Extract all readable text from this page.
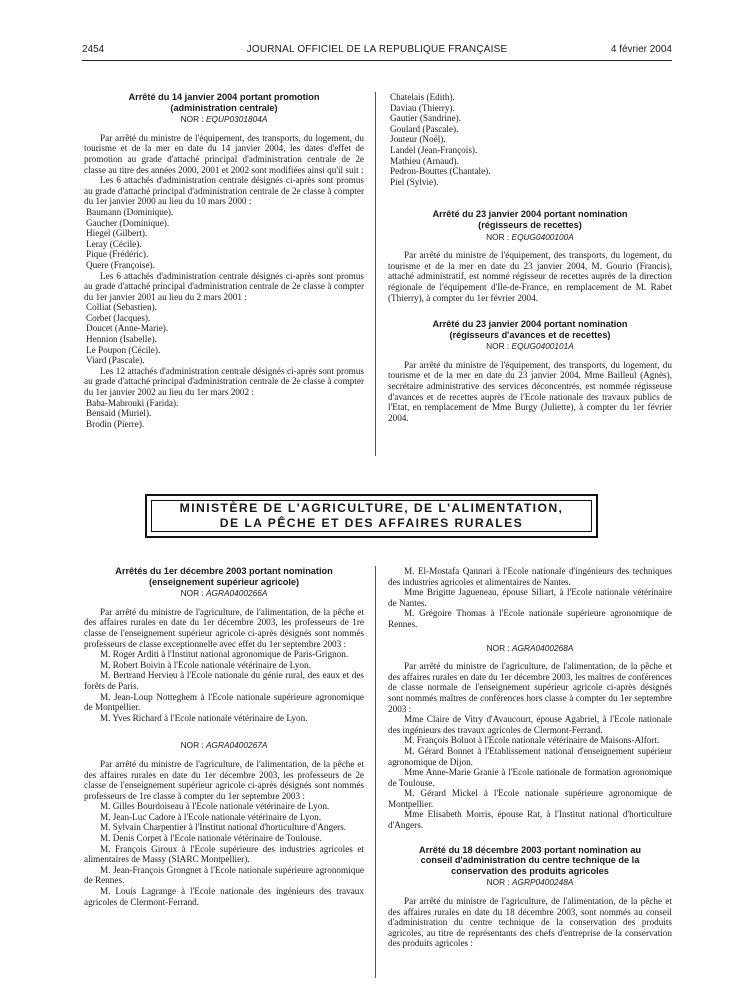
2454	JOURNAL OFFICIEL DE LA REPUBLIQUE FRANÇAISE	4 février 2004

Arrêté du 14 janvier 2004 portant promotion

(administration centrale)

NOR : EQUP0301804A

Par arrêté du ministre de l'équipement, des transports, du logement, du tourisme et de la mer en date du 14 janvier 2004, les dates d'effet de promotion au grade d'attaché principal d'administration centrale de 2e classe au titre des années 2000, 2001 et 2002 sont modifiées ainsi qu'il suit :

Les 6 attachés d'administration centrale désignés ci-après sont promus au grade d'attaché principal d'administration centrale de 2e classe à compter du 1er janvier 2000 au lieu du 10 mars 2000 :

Baumann (Dominique).

Gaucher (Dominique).

Hiegel (Gilbert).

Leray (Cécile).

Pique (Frédéric).

Quere (Françoise).

Les 6 attachés d'administration centrale désignés ci-après sont promus au grade d'attaché principal d'administration centrale de 2e classe à compter du 1er janvier 2001 au lieu du 2 mars 2001 :

Colliat (Sebastien).

Corbet (Jacques).

Doucet (Anne-Marie).

Hennion (Isabelle).

Le Poupon (Cécile).

Viard (Pascale).

Les 12 attachés d'administration centrale désignés ci-après sont promus au grade d'attaché principal d'administration centrale de 2e classe à compter du 1er janvier 2002 au lieu du 1er mars 2002 :

Baba-Mabrouki (Farida).

Bensaid (Muriel).

Brodin (Pierre).

Chatelais (Edith).

Daviau (Thierry).

Gautier (Sandrine).

Goulard (Pascale).

Jouteur (Noël).

Landel (Jean-François).

Mathieu (Arnaud).

Pedron-Bouttes (Chantale).

Piel (Sylvie).

Arrêté du 23 janvier 2004 portant nomination

(régisseurs de recettes)

NOR : EQUG0400100A

Par arrêté du ministre de l'équipement, des transports, du logement, du tourisme et de la mer en date du 23 janvier 2004, M. Gourio (Francis), attaché administratif, est nommé régisseur de recettes auprès de la direction régionale de l'équipement d'Ile-de-France, en remplacement de M. Rabet (Thierry), à compter du 1er février 2004.

Arrêté du 23 janvier 2004 portant nomination

(régisseurs d'avances et de recettes)

NOR : EQUG0400101A

Par arrêté du ministre de l'équipement, des transports, du logement, du tourisme et de la mer en date du 23 janvier 2004, Mme Bailleul (Agnès), secrétaire administrative des services déconcentrés, est nommée régisseuse d'avances et de recettes auprès de l'Ecole nationale des travaux publics de l'Etat, en remplacement de Mme Burgy (Juliette), à compter du 1er février 2004.

MINISTÈRE DE L'AGRICULTURE, DE L'ALIMENTATION,
DE LA PÊCHE ET DES AFFAIRES RURALES

Arrêtés du 1er décembre 2003 portant nomination

(enseignement supérieur agricole)

NOR : AGRA0400266A

Par arrêté du ministre de l'agriculture, de l'alimentation, de la pêche et des affaires rurales en date du 1er décembre 2003, les professeurs de 1re classe de l'enseignement supérieur agricole ci-après désignés sont nommés professeurs de classe exceptionnelle avec effet du 1er septembre 2003 :

M. Roger Arditi à l'Institut national agronomique de Paris-Grignon.

M. Robert Boivin à l'Ecole nationale vétérinaire de Lyon.

M. Bertrand Hervieu à l'Ecole nationale du génie rural, des eaux et des forêts de Paris.

M. Jean-Loup Notteghem à l'Ecole nationale supérieure agronomique de Montpellier.

M. Yves Richard à l'Ecole nationale vétérinaire de Lyon.

NOR : AGRA0400267A

Par arrêté du ministre de l'agriculture, de l'alimentation, de la pêche et des affaires rurales en date du 1er décembre 2003, les professeurs de 2e classe de l'enseignement supérieur agricole ci-après désignés sont nommés professeurs de 1re classe à compter du 1er septembre 2003 :

M. Gilles Bourdoiseau à l'Ecole nationale vétérinaire de Lyon.

M. Jean-Luc Cadore à l'Ecole nationale vétérinaire de Lyon.

M. Sylvain Charpentier à l'Institut national d'horticulture d'Angers.

M. Denis Corpet à l'Ecole nationale vétérinaire de Toulouse.

M. François Giroux à l'Ecole supérieure des industries agricoles et alimentaires de Massy (SIARC Montpellier).

M. Jean-François Grongnet à l'Ecole nationale supérieure agronomique de Rennes.

M. Louis Lagrange à l'Ecole nationale des ingénieurs des travaux agricoles de Clermont-Ferrand.

M. El-Mostafa Qannari à l'Ecole nationale d'ingénieurs des techniques des industries agricoles et alimentaires de Nantes.

Mme Brigitte Jagueneau, épouse Siliart, à l'Ecole nationale vétérinaire de Nantes.

M. Grégoire Thomas à l'Ecole nationale supérieure agronomique de Rennes.

NOR : AGRA0400268A

Par arrêté du ministre de l'agriculture, de l'alimentation, de la pêche et des affaires rurales en date du 1er décembre 2003, les maîtres de conférences de classe normale de l'enseignement supérieur agricole ci-après désignés sont nommés maîtres de conférences hors classe à compter du 1er septembre 2003 :

Mme Claire de Vitry d'Avaucourt, épouse Agabriel, à l'Ecole nationale des ingénieurs des travaux agricoles de Clermont-Ferrand.

M. François Bolnot à l'Ecole nationale vétérinaire de Maisons-Alfort.

M. Gérard Bonnet à l'Etablissement national d'enseignement supérieur agronomique de Dijon.

Mme Anne-Marie Granie à l'Ecole nationale de formation agronomique de Toulouse.

M. Gérard Mickel à l'Ecole nationale supérieure agronomique de Montpellier.

Mme Elisabeth Morris, épouse Rat, à l'Institut national d'horticulture d'Angers.

Arrêté du 18 décembre 2003 portant nomination au

conseil d'administration du centre technique de la

conservation des produits agricoles

NOR : AGRP0400248A

Par arrêté du ministre de l'agriculture, de l'alimentation, de la pêche et des affaires rurales en date du 18 décembre 2003, sont nommés au conseil d'administration du centre technique de la conservation des produits agricoles, au titre de représentants des chefs d'entreprise de la conservation des produits agricoles :
